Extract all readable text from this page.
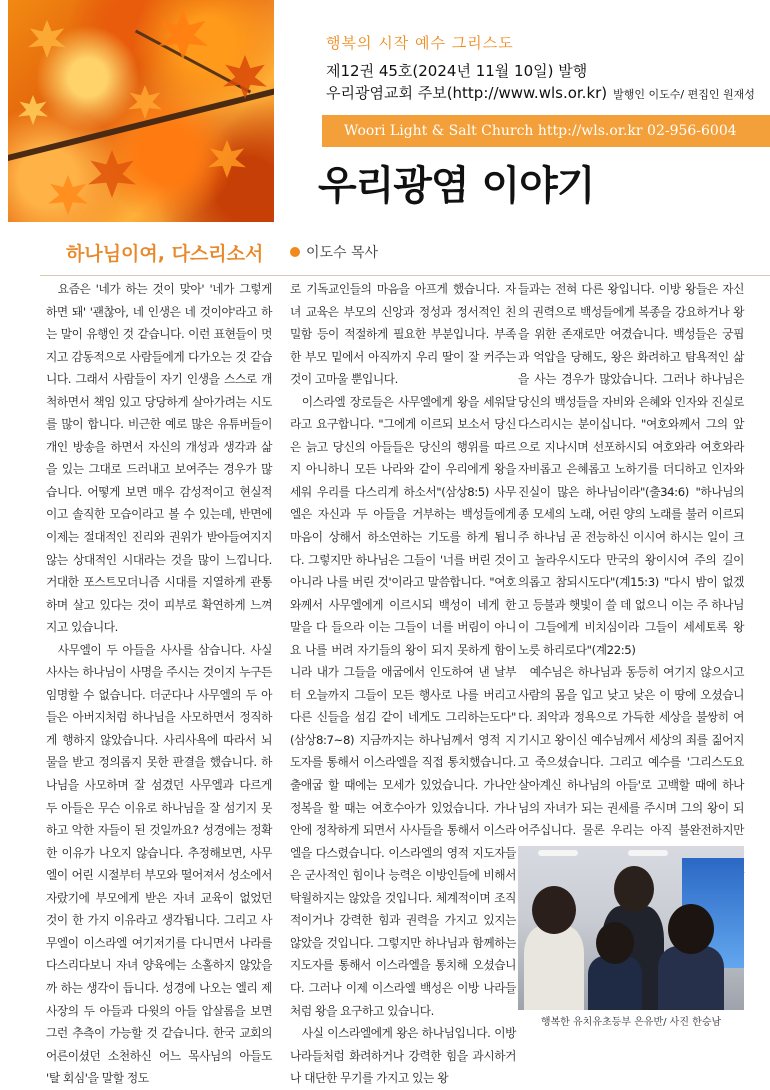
행복의 시작 예수 그리스도
제12권 45호(2024년 11월 10일) 발행
우리광염교회 주보(http://www.wls.or.kr) 발행인 이도수/ 편집인 원재성
Woori Light & Salt Church http://wls.or.kr 02-956-6004
우리광염 이야기
하나님이여, 다스리소서	이도수 목사

요즘은 '네가 하는 것이 맞아' '네가 그렇게 하면 돼' '괜찮아, 네 인생은 네 것이야'라고 하는 말이 유행인 것 같습니다. 이런 표현들이 멋지고 감동적으로 사람들에게 다가오는 것 같습니다. 그래서 사람들이 자기 인생을 스스로 개척하면서 책임 있고 당당하게 살아가려는 시도를 많이 합니다. 비근한 예로 많은 유튜버들이 개인 방송을 하면서 자신의 개성과 생각과 삶을 있는 그대로 드러내고 보여주는 경우가 많습니다. 어떻게 보면 매우 감성적이고 현실적이고 솔직한 모습이라고 볼 수 있는데, 반면에 이제는 절대적인 진리와 권위가 받아들여지지 않는 상대적인 시대라는 것을 많이 느낍니다. 거대한 포스트모더니즘 시대를 지열하게 관통하며 살고 있다는 것이 피부로 확연하게 느껴지고 있습니다.

사무엘이 두 아들을 사사를 삼습니다. 사실 사사는 하나님이 사명을 주시는 것이지 누구든 임명할 수 없습니다. 더군다나 사무엘의 두 아들은 아버지처럼 하나님을 사모하면서 정직하게 행하지 않았습니다. 사리사욕에 따라서 뇌물을 받고 정의롭지 못한 판결을 했습니다. 하나님을 사모하며 잘 섬겼던 사무엘과 다르게 두 아들은 무슨 이유로 하나님을 잘 섬기지 못하고 악한 자들이 된 것일까요? 성경에는 정확한 이유가 나오지 않습니다. 추정해보면, 사무엘이 어린 시절부터 부모와 떨어져서 성소에서 자랐기에 부모에게 받은 자녀 교육이 없었던 것이 한 가지 이유라고 생각됩니다. 그리고 사무엘이 이스라엘 여기저기를 다니면서 나라를 다스리다보니 자녀 양육에는 소홀하지 않았을까 하는 생각이 듭니다. 성경에 나오는 엘리 제사장의 두 아들과 다윗의 아들 압살롬을 보면 그런 추측이 가능할 것 같습니다. 한국 교회의 어른이셨던 소천하신 어느 목사님의 아들도 '탈 회심'을 말할 정도

로 기독교인들의 마음을 아프게 했습니다. 자녀 교육은 부모의 신앙과 정성과 정서적인 친밀함 등이 적절하게 필요한 부분입니다. 부족한 부모 밑에서 아직까지 우리 딸이 잘 커주는 것이 고마울 뿐입니다.

이스라엘 장로들은 사무엘에게 왕을 세워달라고 요구합니다. "그에게 이르되 보소서 당신은 늙고 당신의 아들들은 당신의 행위를 따르지 아니하니 모든 나라와 같이 우리에게 왕을 세워 우리를 다스리게 하소서"(삼상8:5) 사무엘은 자신과 두 아들을 거부하는 백성들에게 마음이 상해서 하소연하는 기도를 하게 됩니다. 그렇지만 하나님은 그들이 '너를 버린 것이 아니라 나를 버린 것'이라고 말씀합니다. "여호와께서 사무엘에게 이르시되 백성이 네게 한 말을 다 들으라 이는 그들이 너를 버림이 아니요 나를 버려 자기들의 왕이 되지 못하게 함이니라 내가 그들을 애굽에서 인도하여 낸 날부터 오늘까지 그들이 모든 행사로 나를 버리고 다른 신들을 섬김 같이 네게도 그리하는도다"(삼상8:7~8) 지금까지는 하나님께서 영적 지도자를 통해서 이스라엘을 직접 통치했습니다. 출애굽 할 때에는 모세가 있었습니다. 가나안 정복을 할 때는 여호수아가 있었습니다. 가나안에 정착하게 되면서 사사들을 통해서 이스라엘을 다스렸습니다. 이스라엘의 영적 지도자들은 군사적인 힘이나 능력은 이방인들에 비해서 탁월하지는 않았을 것입니다. 체계적이며 조직적이거나 강력한 힘과 권력을 가지고 있지는 않았을 것입니다. 그렇지만 하나님과 함께하는 지도자를 통해서 이스라엘을 통치해 오셨습니다. 그러나 이제 이스라엘 백성은 이방 나라들처럼 왕을 요구하고 있습니다.

사실 이스라엘에게 왕은 하나님입니다. 이방 나라들처럼 화려하거나 강력한 힘을 과시하거나 대단한 무기를 가지고 있는 왕

들과는 전혀 다른 왕입니다. 이방 왕들은 자신의 권력으로 백성들에게 복종을 강요하거나 왕을 위한 존재로만 여겼습니다. 백성들은 궁핍과 억압을 당해도, 왕은 화려하고 탐욕적인 삶을 사는 경우가 많았습니다. 그러나 하나님은 당신의 백성들을 자비와 은혜와 인자와 진실로 다스리시는 분이십니다. "여호와께서 그의 앞으로 지나시며 선포하시되 여호와라 여호와라 자비롭고 은혜롭고 노하기를 더디하고 인자와 진실이 많은 하나님이라"(출34:6) "하나님의 종 모세의 노래, 어린 양의 노래를 불러 이르되 주 하나님 곧 전능하신 이시여 하시는 일이 크고 놀라우시도다 만국의 왕이시여 주의 길이 의롭고 참되시도다"(계15:3) "다시 밤이 없겠고 등불과 햇빛이 쓸 데 없으니 이는 주 하나님이 그들에게 비치심이라 그들이 세세토록 왕 노릇 하리로다"(계22:5)

예수님은 하나님과 동등히 여기지 않으시고 사람의 몸을 입고 낮고 낮은 이 땅에 오셨습니다. 죄악과 정욕으로 가득한 세상을 불쌍히 여기시고 왕이신 예수님께서 세상의 죄를 짊어지고 죽으셨습니다. 그리고 예수를 '그리스도요 살아계신 하나님의 아들'로 고백할 때에 하나님의 자녀가 되는 권세를 주시며 그의 왕이 되어주십니다. 물론 우리는 아직 불완전하지만

행복한 유치유초등부 은유반/ 사진 한승남
